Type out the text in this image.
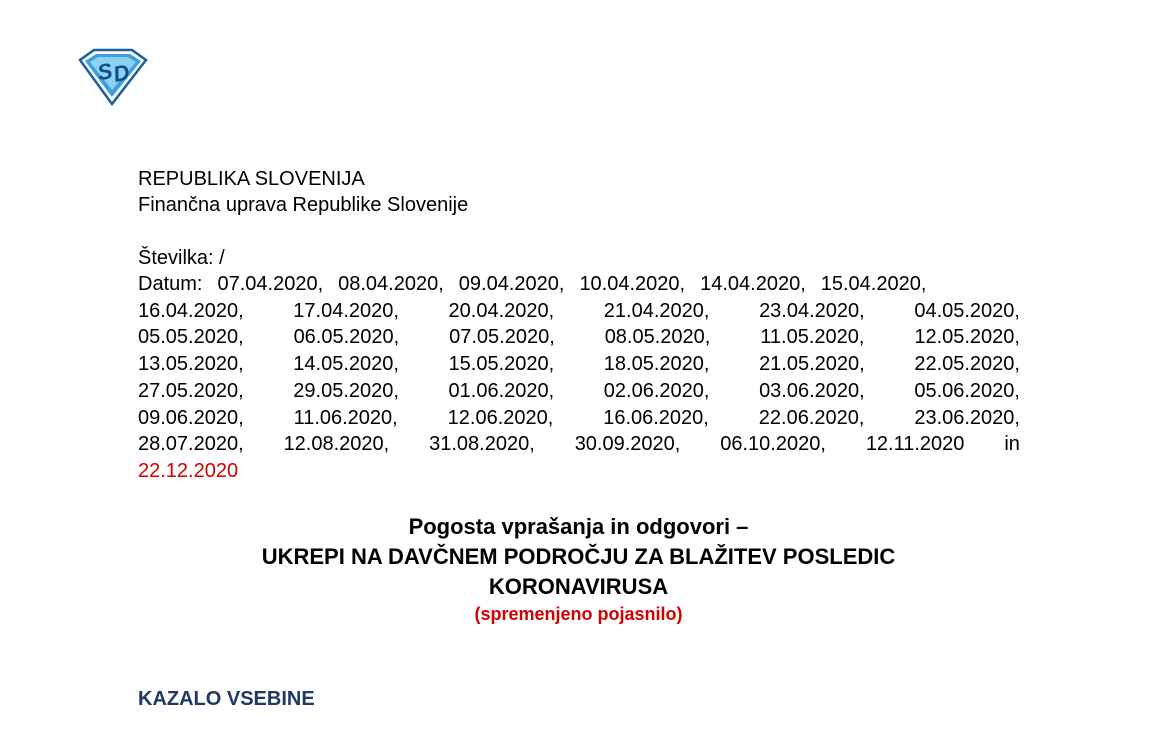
S
D
REPUBLIKA SLOVENIJA
Finančna uprava Republike Slovenije
Številka: /
Datum: 07.04.2020, 08.04.2020, 09.04.2020, 10.04.2020, 14.04.2020, 15.04.2020,
16.04.2020, 17.04.2020, 20.04.2020, 21.04.2020, 23.04.2020, 04.05.2020,
05.05.2020, 06.05.2020, 07.05.2020, 08.05.2020, 11.05.2020, 12.05.2020,
13.05.2020, 14.05.2020, 15.05.2020, 18.05.2020, 21.05.2020, 22.05.2020,
27.05.2020, 29.05.2020, 01.06.2020, 02.06.2020, 03.06.2020, 05.06.2020,
09.06.2020, 11.06.2020, 12.06.2020, 16.06.2020, 22.06.2020, 23.06.2020,
28.07.2020, 12.08.2020, 31.08.2020, 30.09.2020, 06.10.2020, 12.11.2020 in
22.12.2020
Pogosta vprašanja in odgovori –
UKREPI NA DAVČNEM PODROČJU ZA BLAŽITEV POSLEDIC
KORONAVIRUSA
(spremenjeno pojasnilo)
KAZALO VSEBINE
